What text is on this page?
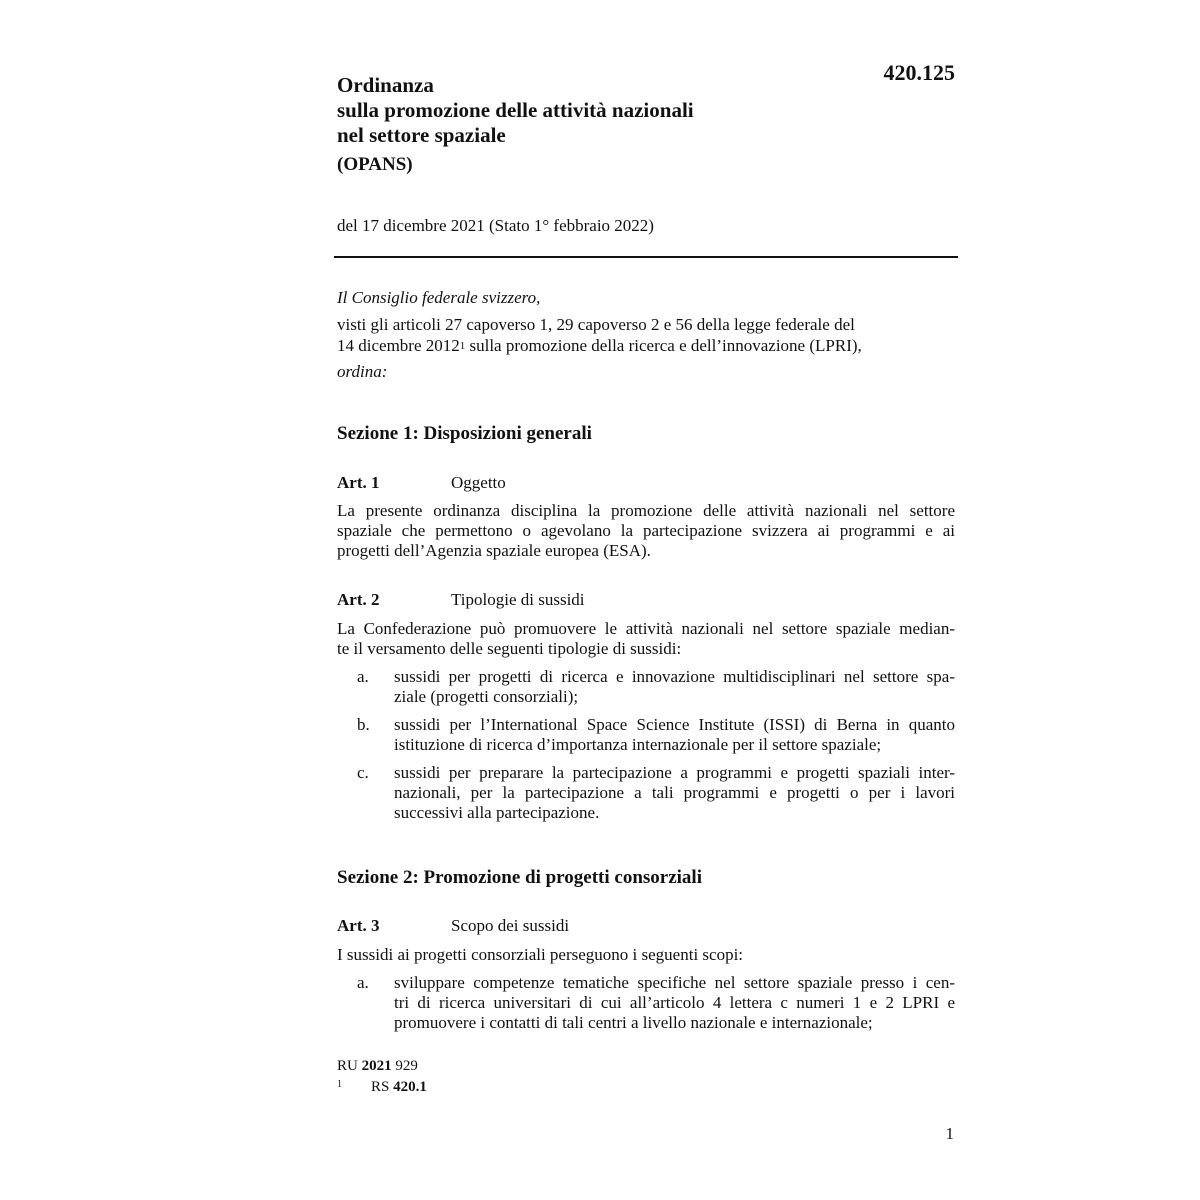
420.125
Ordinanza
sulla promozione delle attività nazionali
nel settore spaziale
(OPANS)
del 17 dicembre 2021 (Stato 1° febbraio 2022)
Il Consiglio federale svizzero,
visti gli articoli 27 capoverso 1, 29 capoverso 2 e 56 della legge federale del
14 dicembre 2012$^1$ sulla promozione della ricerca e dell’innovazione (LPRI),
ordina:
Sezione 1: Disposizioni generali
Art. 1	Oggetto
La presente ordinanza disciplina la promozione delle attività nazionali nel settore
spaziale che permettono o agevolano la partecipazione svizzera ai programmi e ai
progetti dell’Agenzia spaziale europea (ESA).
Art. 2	Tipologie di sussidi
La Confederazione può promuovere le attività nazionali nel settore spaziale median-
te il versamento delle seguenti tipologie di sussidi:
a. sussidi per progetti di ricerca e innovazione multidisciplinari nel settore spa-
ziale (progetti consorziali);
b. sussidi per l’International Space Science Institute (ISSI) di Berna in quanto
istituzione di ricerca d’importanza internazionale per il settore spaziale;
c. sussidi per preparare la partecipazione a programmi e progetti spaziali inter-
nazionali, per la partecipazione a tali programmi e progetti o per i lavori
successivi alla partecipazione.
Sezione 2: Promozione di progetti consorziali
Art. 3	Scopo dei sussidi
I sussidi ai progetti consorziali perseguono i seguenti scopi:
a. sviluppare competenze tematiche specifiche nel settore spaziale presso i cen-
tri di ricerca universitari di cui all’articolo 4 lettera c numeri 1 e 2 LPRI e
promuovere i contatti di tali centri a livello nazionale e internazionale;
RU 2021 929
1 RS 420.1
1
